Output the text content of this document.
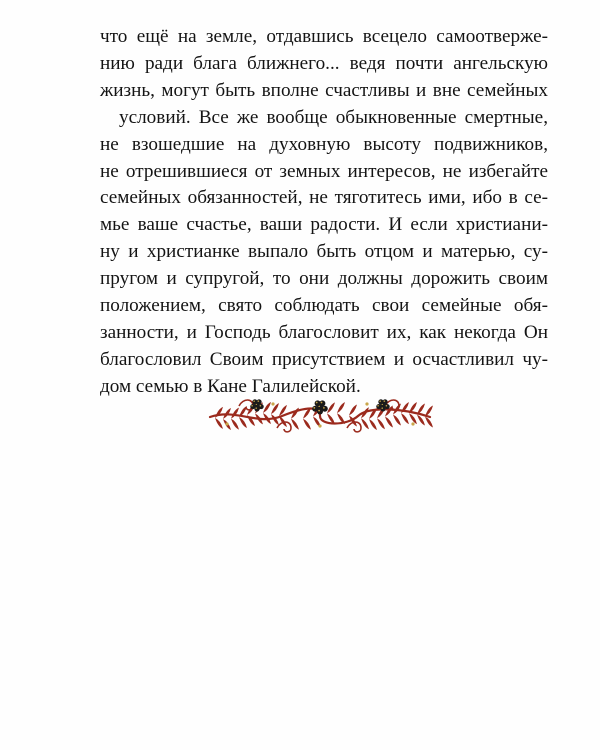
что ещё на земле, отдавшись всецело самоотверже-
нию ради блага ближнего... ведя почти ангельскую
жизнь, могут быть вполне счастливы и вне семейных
условий. Все же вообще обыкновенные смертные,
не взошедшие на духовную высоту подвижников,
не отрешившиеся от земных интересов, не избегайте
семейных обязанностей, не тяготитесь ими, ибо в се-
мье ваше счастье, ваши радости. И если христиани-
ну и христианке выпало быть отцом и матерью, су-
пругом и супругой, то они должны дорожить своим
положением, свято соблюдать свои семейные обя-
занности, и Господь благословит их, как некогда Он
благословил Своим присутствием и осчастливил чу-
дом семью в Кане Галилейской.
